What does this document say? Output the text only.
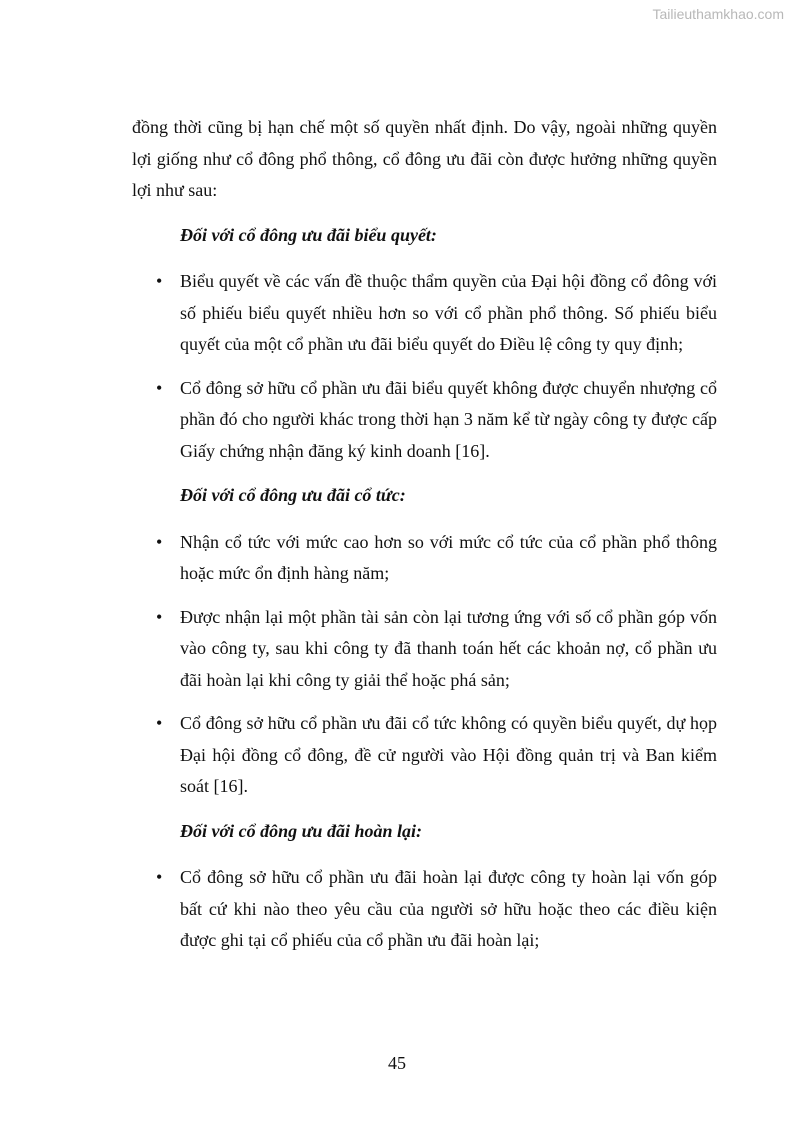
Tailieuthamkhao.com

đồng thời cũng bị hạn chế một số quyền nhất định. Do vậy, ngoài những quyền lợi giống như cổ đông phổ thông, cổ đông ưu đãi còn được hưởng những quyền lợi như sau:

Đối với cổ đông ưu đãi biểu quyết:
• Biểu quyết về các vấn đề thuộc thẩm quyền của Đại hội đồng cổ đông với số phiếu biểu quyết nhiều hơn so với cổ phần phổ thông. Số phiếu biểu quyết của một cổ phần ưu đãi biểu quyết do Điều lệ công ty quy định;
• Cổ đông sở hữu cổ phần ưu đãi biểu quyết không được chuyển nhượng cổ phần đó cho người khác trong thời hạn 3 năm kể từ ngày công ty được cấp Giấy chứng nhận đăng ký kinh doanh [16].
Đối với cổ đông ưu đãi cổ tức:
• Nhận cổ tức với mức cao hơn so với mức cổ tức của cổ phần phổ thông hoặc mức ổn định hàng năm;
• Được nhận lại một phần tài sản còn lại tương ứng với số cổ phần góp vốn vào công ty, sau khi công ty đã thanh toán hết các khoản nợ, cổ phần ưu đãi hoàn lại khi công ty giải thể hoặc phá sản;
• Cổ đông sở hữu cổ phần ưu đãi cổ tức không có quyền biểu quyết, dự họp Đại hội đồng cổ đông, đề cử người vào Hội đồng quản trị và Ban kiểm soát [16].
Đối với cổ đông ưu đãi hoàn lại:
• Cổ đông sở hữu cổ phần ưu đãi hoàn lại được công ty hoàn lại vốn góp bất cứ khi nào theo yêu cầu của người sở hữu hoặc theo các điều kiện được ghi tại cổ phiếu của cổ phần ưu đãi hoàn lại;
45
